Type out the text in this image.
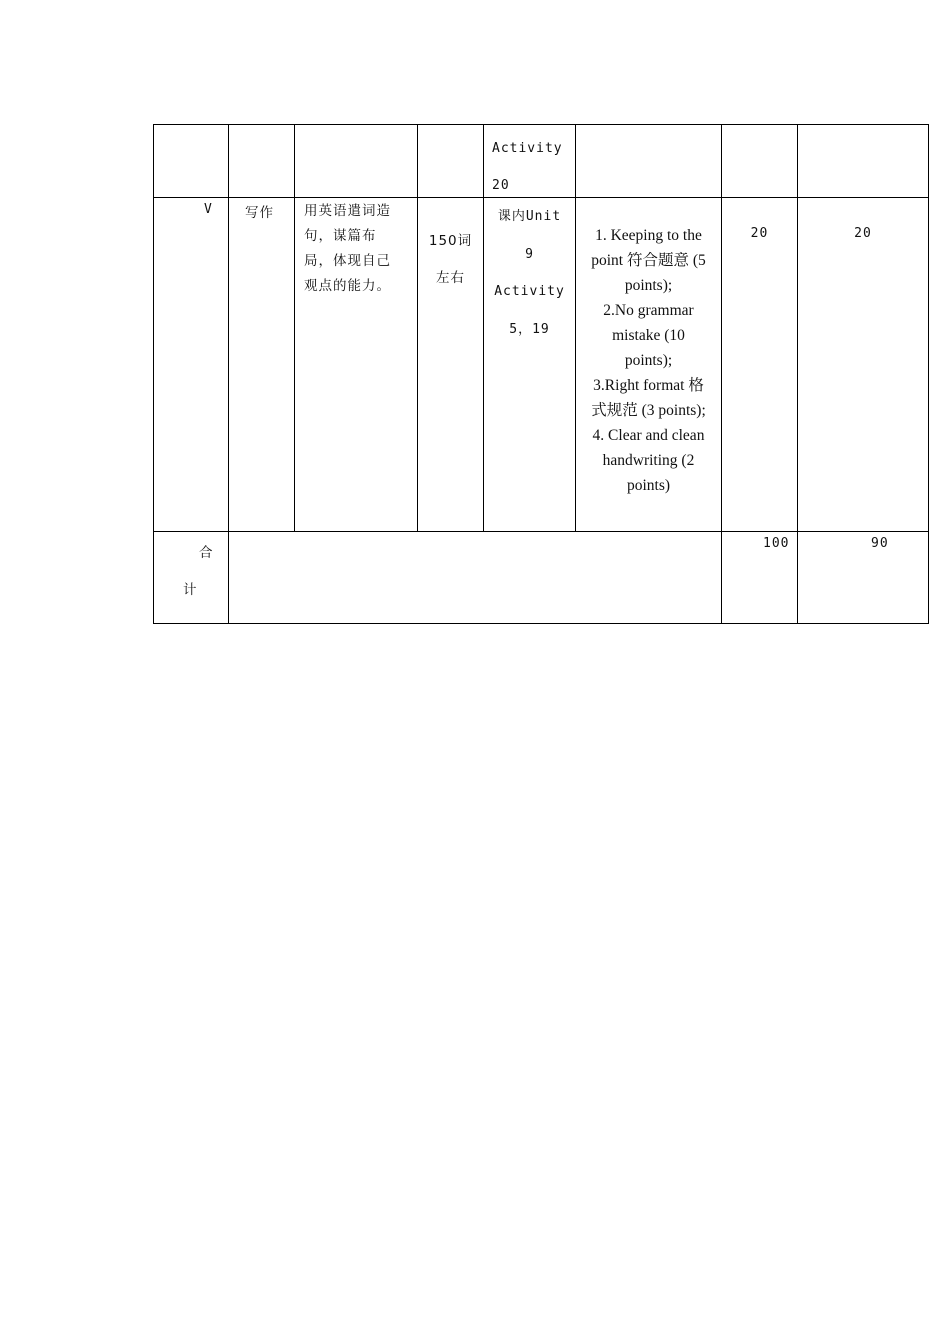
Activity
20
V 写作 用英语遣词造
句，谋篇布
局，体现自己
观点的能力。
150词
左右
课内Unit
9
Activity
5，19
1. Keeping to the
point 符合题意 (5
points);
2.No grammar
mistake (10
points);
3.Right format 格
式规范 (3 points);
4. Clear and clean
handwriting (2
points)
20	20
合
计
100	90
